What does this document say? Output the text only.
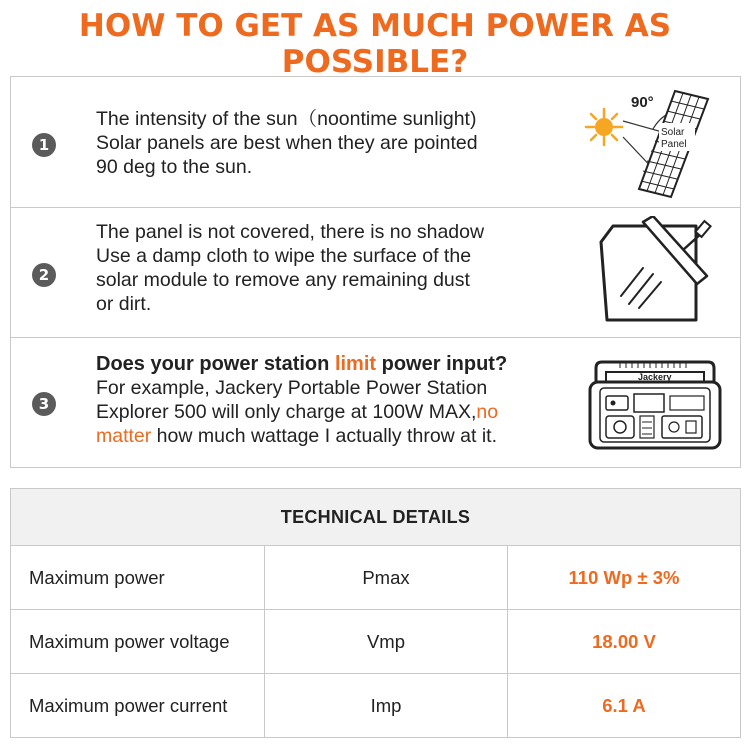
HOW TO GET AS MUCH POWER AS POSSIBLE?
1
The intensity of the sun（noontime sunlight)
Solar panels are best when they are pointed
90 deg to the sun.
90°
Solar
Panel
2
The panel is not covered, there is no shadow
Use a damp cloth to wipe the surface of the
solar module to remove any remaining dust
or dirt.
3
Does your power station limit power input?
For example, Jackery Portable Power Station
Explorer 500 will only charge at 100W MAX,no
matter how much wattage I actually throw at it.
Jackery
TECHNICAL DETAILS
Maximum power	Pmax	110 Wp ± 3%
Maximum power voltage	Vmp	18.00 V
Maximum power current	Imp	6.1 A
